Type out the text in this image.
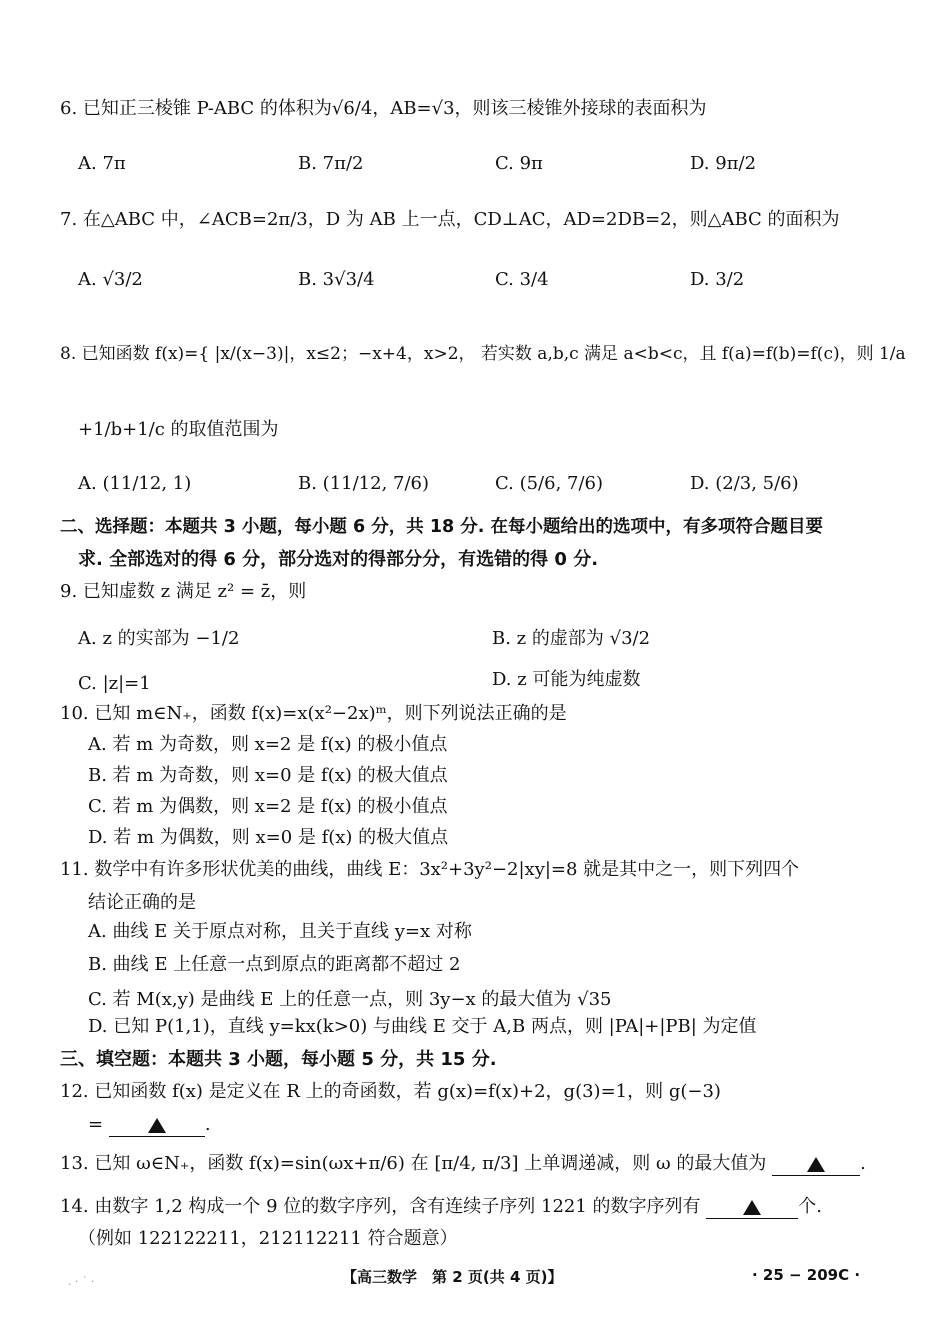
6. 已知正三棱锥 P-ABC 的体积为√6/4，AB=√3，则该三棱锥外接球的表面积为
A. 7π	B. 7π/2	C. 9π	D. 9π/2
7. 在△ABC 中，∠ACB=2π/3，D 为 AB 上一点，CD⊥AC，AD=2DB=2，则△ABC 的面积为
A. √3/2	B. 3√3/4	C. 3/4	D. 3/2
8. 已知函数 f(x)={ |x/(x−3)|，x≤2；−x+4，x>2， 若实数 a,b,c 满足 a<b<c，且 f(a)=f(b)=f(c)，则 1/a
+1/b+1/c 的取值范围为
A. (11/12, 1)	B. (11/12, 7/6)	C. (5/6, 7/6)	D. (2/3, 5/6)
二、选择题：本题共 3 小题，每小题 6 分，共 18 分. 在每小题给出的选项中，有多项符合题目要
求. 全部选对的得 6 分，部分选对的得部分分，有选错的得 0 分.
9. 已知虚数 z 满足 z² = z̄，则
A. z 的实部为 −1/2	B. z 的虚部为 √3/2
C. |z|=1	D. z 可能为纯虚数
10. 已知 m∈N₊，函数 f(x)=x(x²−2x)ᵐ，则下列说法正确的是
A. 若 m 为奇数，则 x=2 是 f(x) 的极小值点
B. 若 m 为奇数，则 x=0 是 f(x) 的极大值点
C. 若 m 为偶数，则 x=2 是 f(x) 的极小值点
D. 若 m 为偶数，则 x=0 是 f(x) 的极大值点
11. 数学中有许多形状优美的曲线，曲线 E：3x²+3y²−2|xy|=8 就是其中之一，则下列四个
结论正确的是
A. 曲线 E 关于原点对称，且关于直线 y=x 对称
B. 曲线 E 上任意一点到原点的距离都不超过 2
C. 若 M(x,y) 是曲线 E 上的任意一点，则 3y−x 的最大值为 √35
D. 已知 P(1,1)，直线 y=kx(k>0) 与曲线 E 交于 A,B 两点，则 |PA|+|PB| 为定值
三、填空题：本题共 3 小题，每小题 5 分，共 15 分.
12. 已知函数 f(x) 是定义在 R 上的奇函数，若 g(x)=f(x)+2，g(3)=1，则 g(−3)
=	.
13. 已知 ω∈N₊，函数 f(x)=sin(ωx+π/6) 在 [π/4, π/3] 上单调递减，则 ω 的最大值为	.
14. 由数字 1,2 构成一个 9 位的数字序列，含有连续子序列 1221 的数字序列有	个.
（例如 122122211，212112211 符合题意）
. · ˙ ·	【高三数学　第 2 页(共 4 页)】	· 25 − 209C ·
